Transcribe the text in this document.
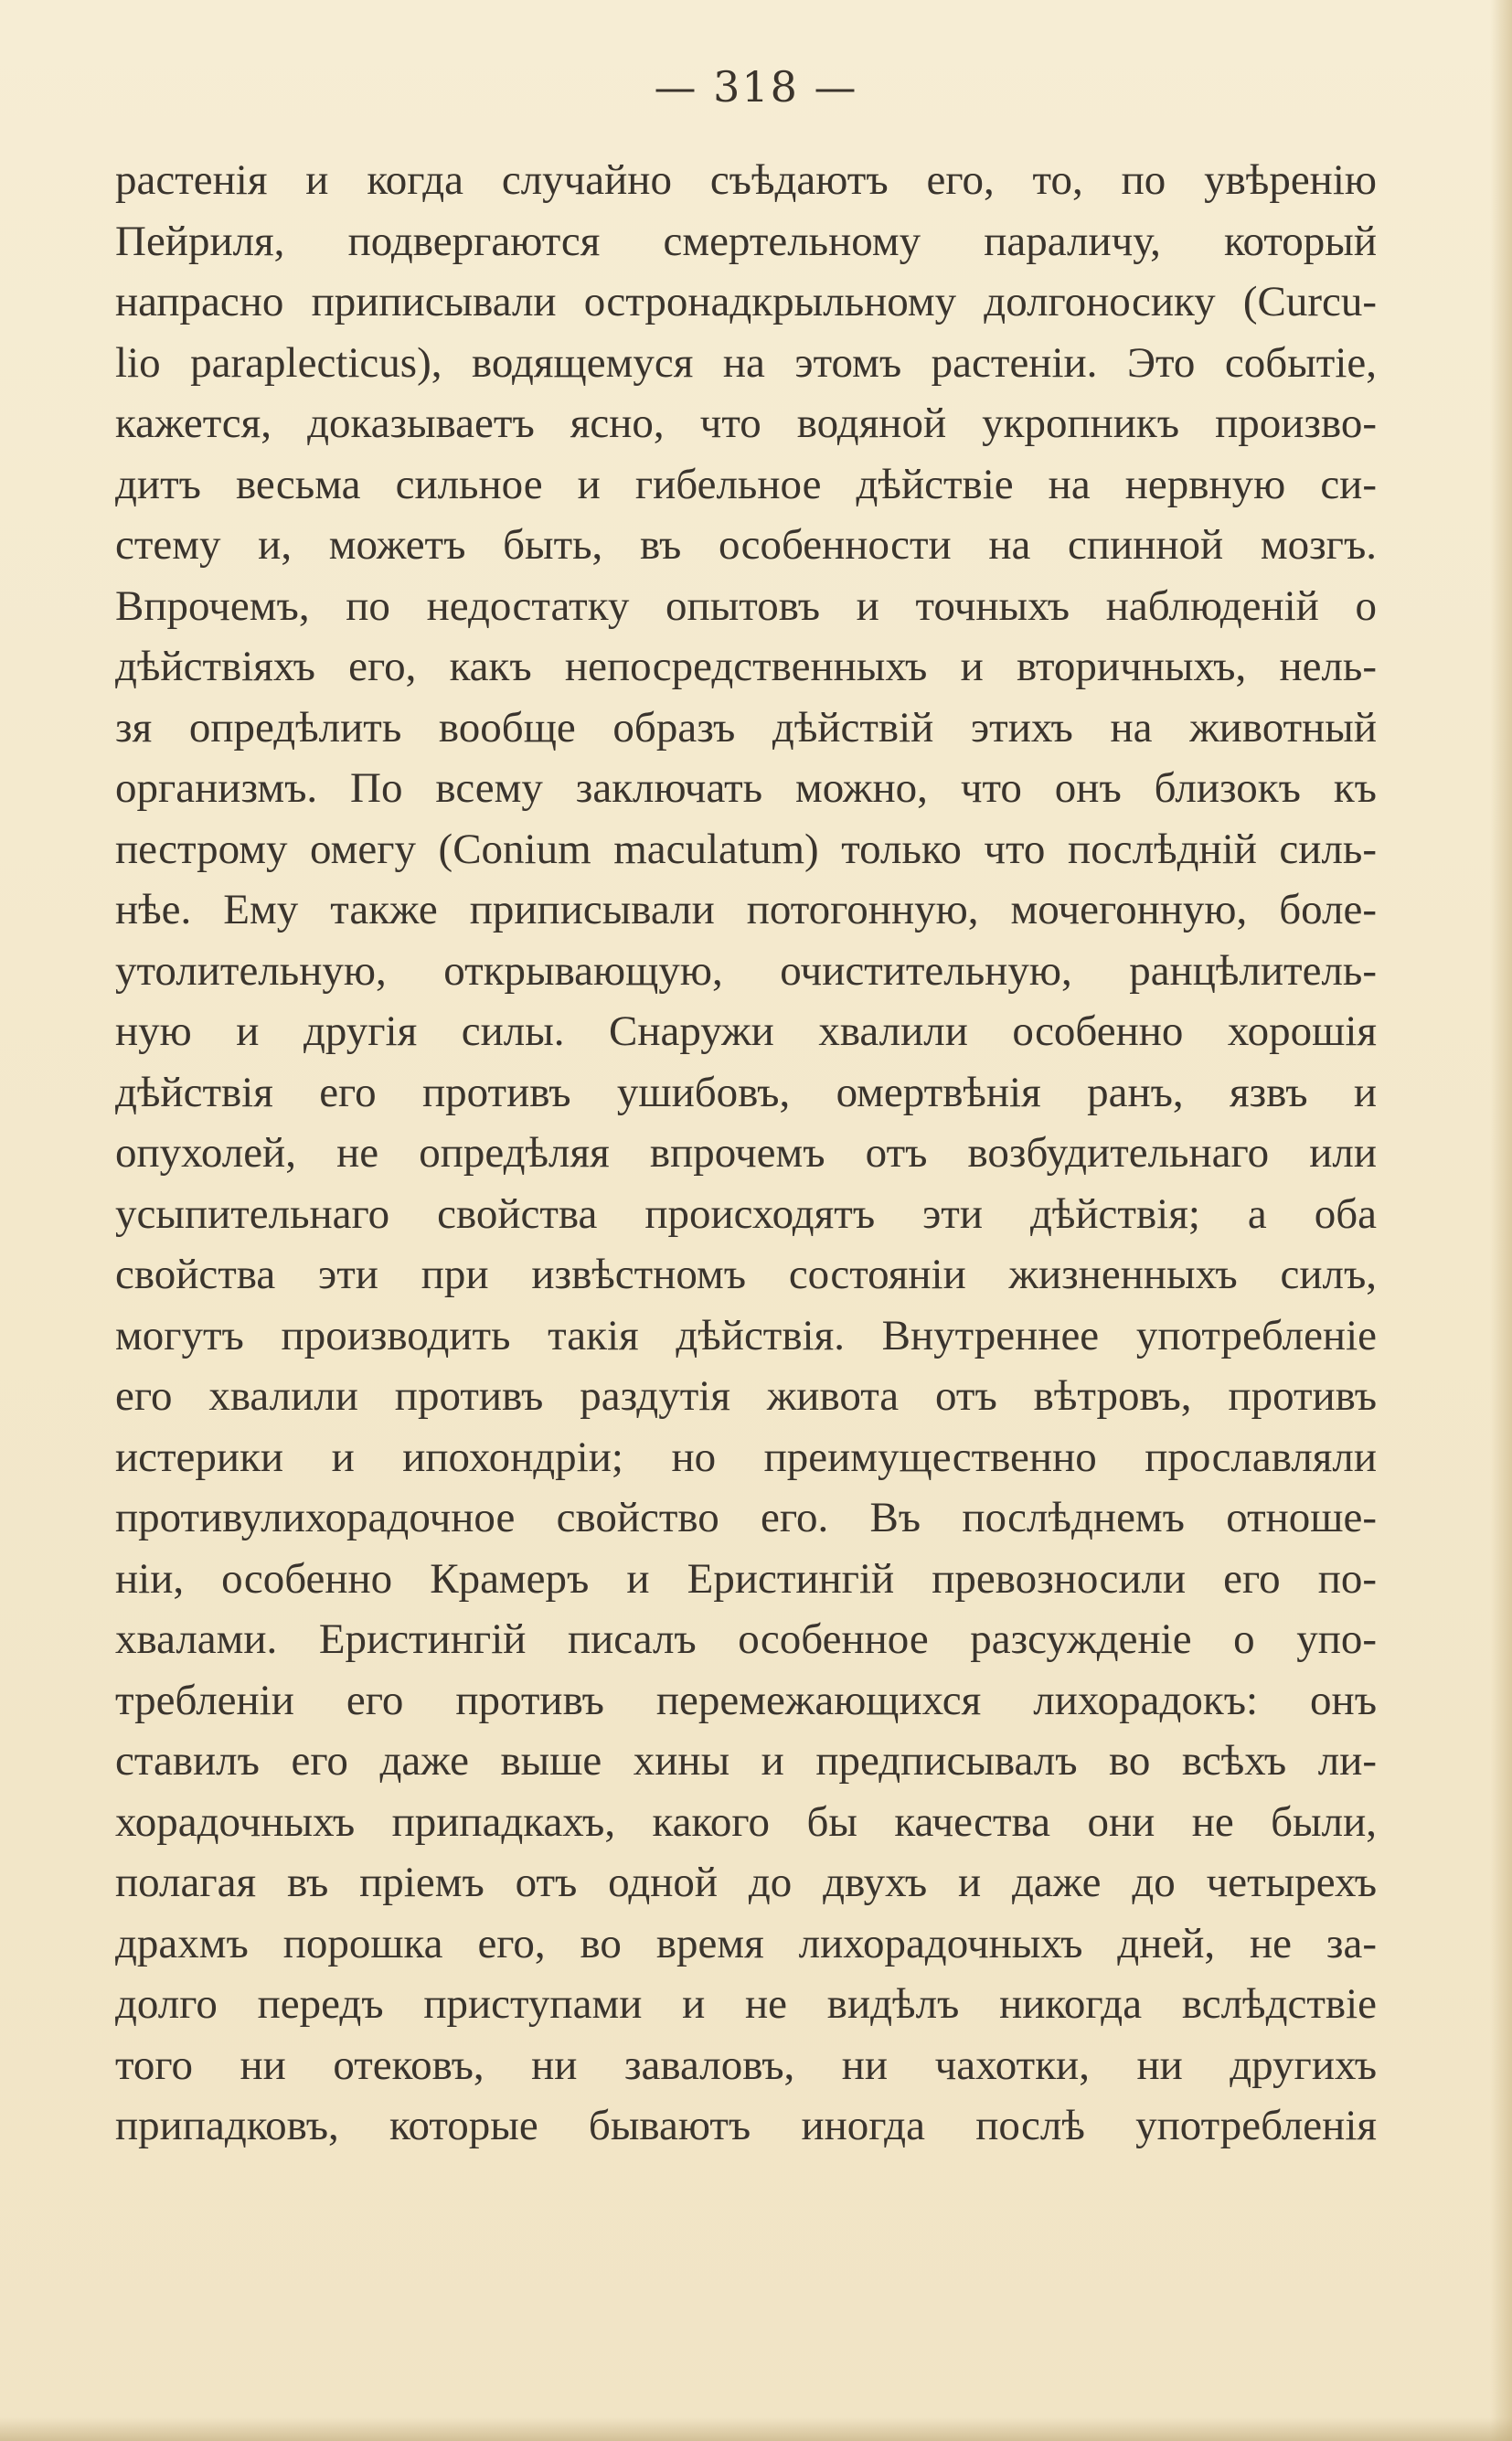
— 318 —
растенія и когда случайно съѣдаютъ его, то, по увѣренію
Пейриля, подвергаются смертельному параличу, который
напрасно приписывали остронадкрыльному долгоносику (Curcu-
lio paraplecticus), водящемуся на этомъ растеніи. Это событіе,
кажется, доказываетъ ясно, что водяной укропникъ произво-
дитъ весьма сильное и гибельное дѣйствіе на нервную си-
стему и, можетъ быть, въ особенности на спинной мозгъ.
Впрочемъ, по недостатку опытовъ и точныхъ наблюденій о
дѣйствіяхъ его, какъ непосредственныхъ и вторичныхъ, нель-
зя опредѣлить вообще образъ дѣйствій этихъ на животный
организмъ. По всему заключать можно, что онъ близокъ къ
пестрому омегу (Conium maculatum) только что послѣдній силь-
нѣе. Ему также приписывали потогонную, мочегонную, боле-
утолительную, открывающую, очистительную, ранцѣлитель-
ную и другія силы. Снаружи хвалили особенно хорошія
дѣйствія его противъ ушибовъ, омертвѣнія ранъ, язвъ и
опухолей, не опредѣляя впрочемъ отъ возбудительнаго или
усыпительнаго свойства происходятъ эти дѣйствія; а оба
свойства эти при извѣстномъ состояніи жизненныхъ силъ,
могутъ производить такія дѣйствія. Внутреннее употребленіе
его хвалили противъ раздутія живота отъ вѣтровъ, противъ
истерики и ипохондріи; но преимущественно прославляли
противулихорадочное свойство его. Въ послѣднемъ отноше-
ніи, особенно Крамеръ и Еристингій превозносили его по-
хвалами. Еристингій писалъ особенное разсужденіе о упо-
требленіи его противъ перемежающихся лихорадокъ: онъ
ставилъ его даже выше хины и предписывалъ во всѣхъ ли-
хорадочныхъ припадкахъ, какого бы качества они не были,
полагая въ пріемъ отъ одной до двухъ и даже до четырехъ
драхмъ порошка его, во время лихорадочныхъ дней, не за-
долго передъ приступами и не видѣлъ никогда вслѣдствіе
того ни отековъ, ни заваловъ, ни чахотки, ни другихъ
припадковъ, которые бываютъ иногда послѣ употребленія
